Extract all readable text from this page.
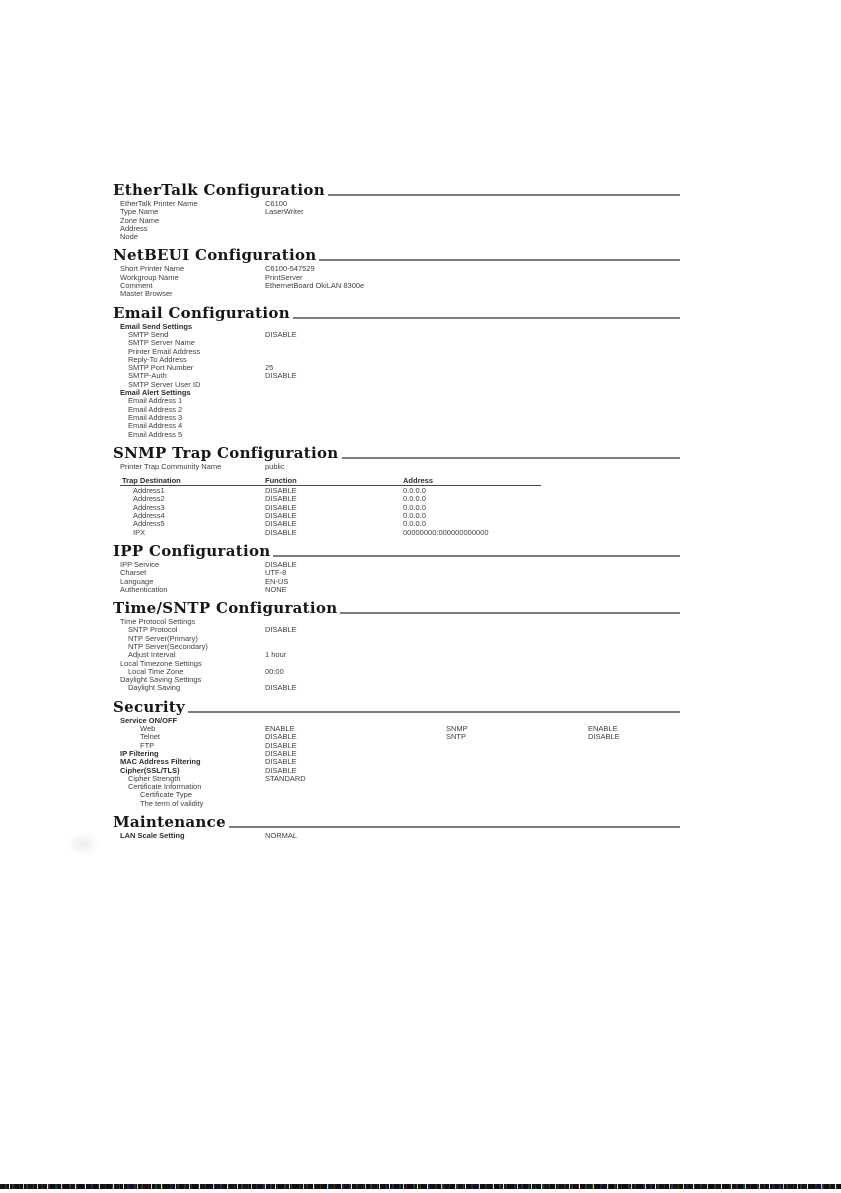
EtherTalk Configuration
EtherTalk Printer Name	C6100
Type Name	LaserWriter
Zone Name
Address
Node
NetBEUI Configuration
Short Printer Name	C6100-547529
Workgroup Name	PrintServer
Comment	EthernetBoard OkiLAN 8300e
Master Browser
Email Configuration
Email Send Settings
SMTP Send	DISABLE
SMTP Server Name
Printer Email Address
Reply-To Address
SMTP Port Number	25
SMTP-Auth	DISABLE
SMTP Server User ID
Email Alert Settings
Email Address 1
Email Address 2
Email Address 3
Email Address 4
Email Address 5
SNMP Trap Configuration
Printer Trap Community Name	public
Trap Destination	Function	Address
Address1	DISABLE	0.0.0.0
Address2	DISABLE	0.0.0.0
Address3	DISABLE	0.0.0.0
Address4	DISABLE	0.0.0.0
Address5	DISABLE	0.0.0.0
IPX	DISABLE	00000000:000000000000
IPP Configuration
IPP Service	DISABLE
Charset	UTF-8
Language	EN-US
Authentication	NONE
Time/SNTP Configuration
Time Protocol Settings
SNTP Protocol	DISABLE
NTP Server(Primary)
NTP Server(Secondary)
Adjust Interval	1 hour
Local Timezone Settings
Local Time Zone	00:00
Daylight Saving Settings
Daylight Saving	DISABLE
Security
Service ON/OFF
Web	ENABLE	SNMP	ENABLE
Telnet	DISABLE	SNTP	DISABLE
FTP	DISABLE
IP Filtering	DISABLE
MAC Address Filtering	DISABLE
Cipher(SSL/TLS)	DISABLE
Cipher Strength	STANDARD
Certificate Information
Certificate Type
The term of validity
Maintenance
LAN Scale Setting	NORMAL
